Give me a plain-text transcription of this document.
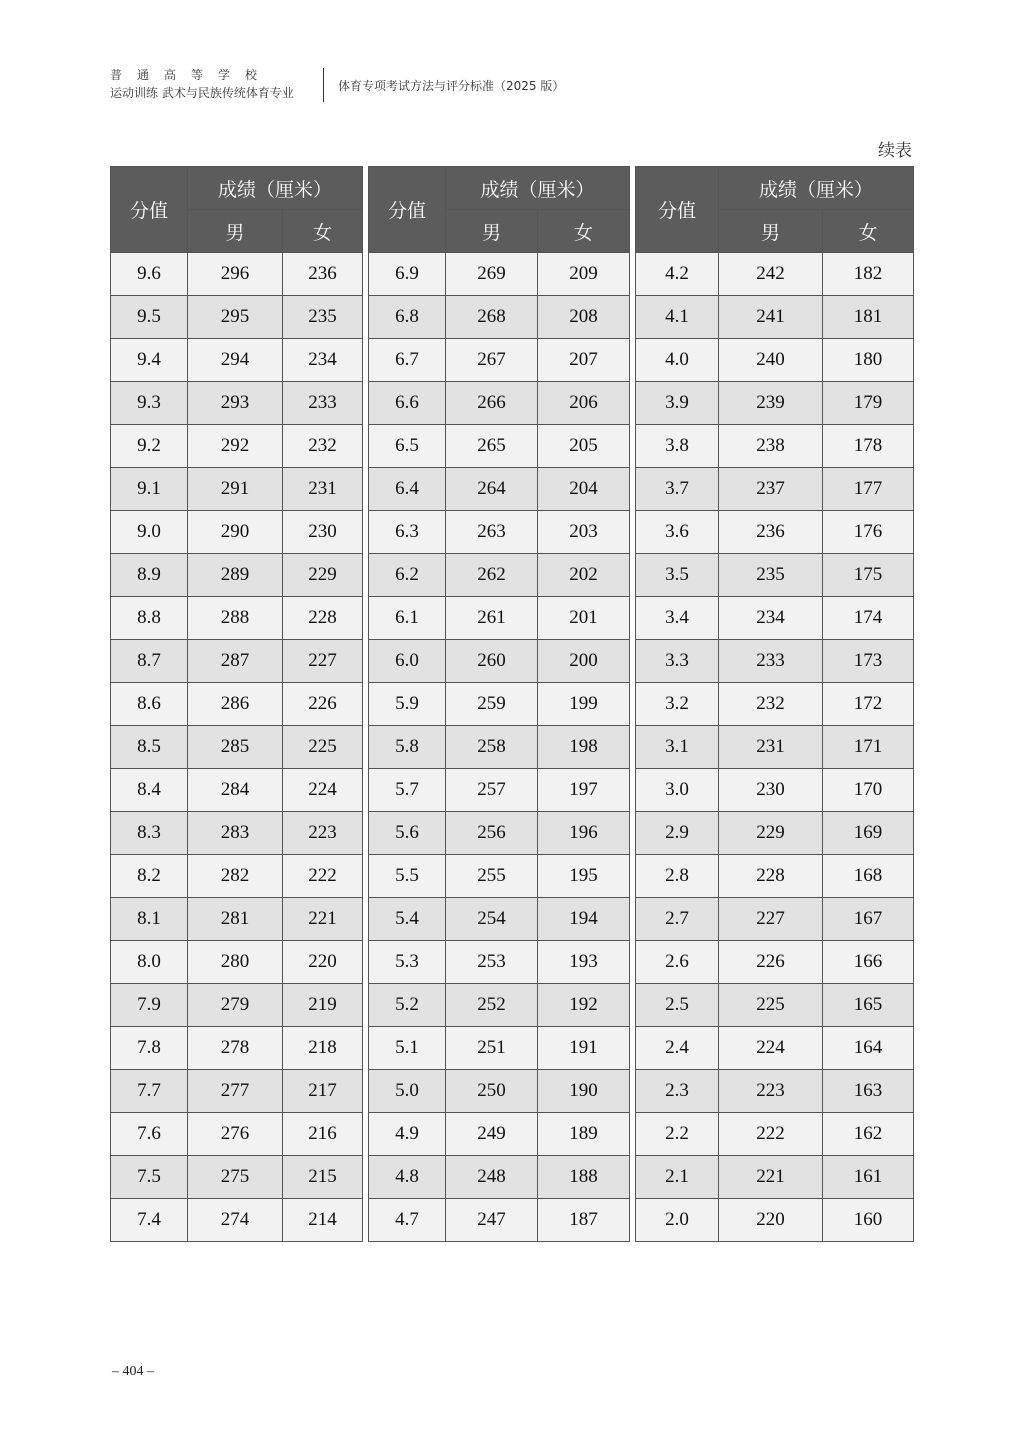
普通高等学校
运动训练 武术与民族传统体育专业	体育专项考试方法与评分标准（2025 版）
续表
分值	成绩（厘米）	
	男	女
9.6	296	236
9.5	295	235
9.4	294	234
9.3	293	233
9.2	292	232
9.1	291	231
9.0	290	230
8.9	289	229
8.8	288	228
8.7	287	227
8.6	286	226
8.5	285	225
8.4	284	224
8.3	283	223
8.2	282	222
8.1	281	221
8.0	280	220
7.9	279	219
7.8	278	218
7.7	277	217
7.6	276	216
7.5	275	215
7.4	274	214
分值	成绩（厘米）	
	男	女
6.9	269	209
6.8	268	208
6.7	267	207
6.6	266	206
6.5	265	205
6.4	264	204
6.3	263	203
6.2	262	202
6.1	261	201
6.0	260	200
5.9	259	199
5.8	258	198
5.7	257	197
5.6	256	196
5.5	255	195
5.4	254	194
5.3	253	193
5.2	252	192
5.1	251	191
5.0	250	190
4.9	249	189
4.8	248	188
4.7	247	187
分值	成绩（厘米）	
	男	女
4.2	242	182
4.1	241	181
4.0	240	180
3.9	239	179
3.8	238	178
3.7	237	177
3.6	236	176
3.5	235	175
3.4	234	174
3.3	233	173
3.2	232	172
3.1	231	171
3.0	230	170
2.9	229	169
2.8	228	168
2.7	227	167
2.6	226	166
2.5	225	165
2.4	224	164
2.3	223	163
2.2	222	162
2.1	221	161
2.0	220	160
– 404 –
